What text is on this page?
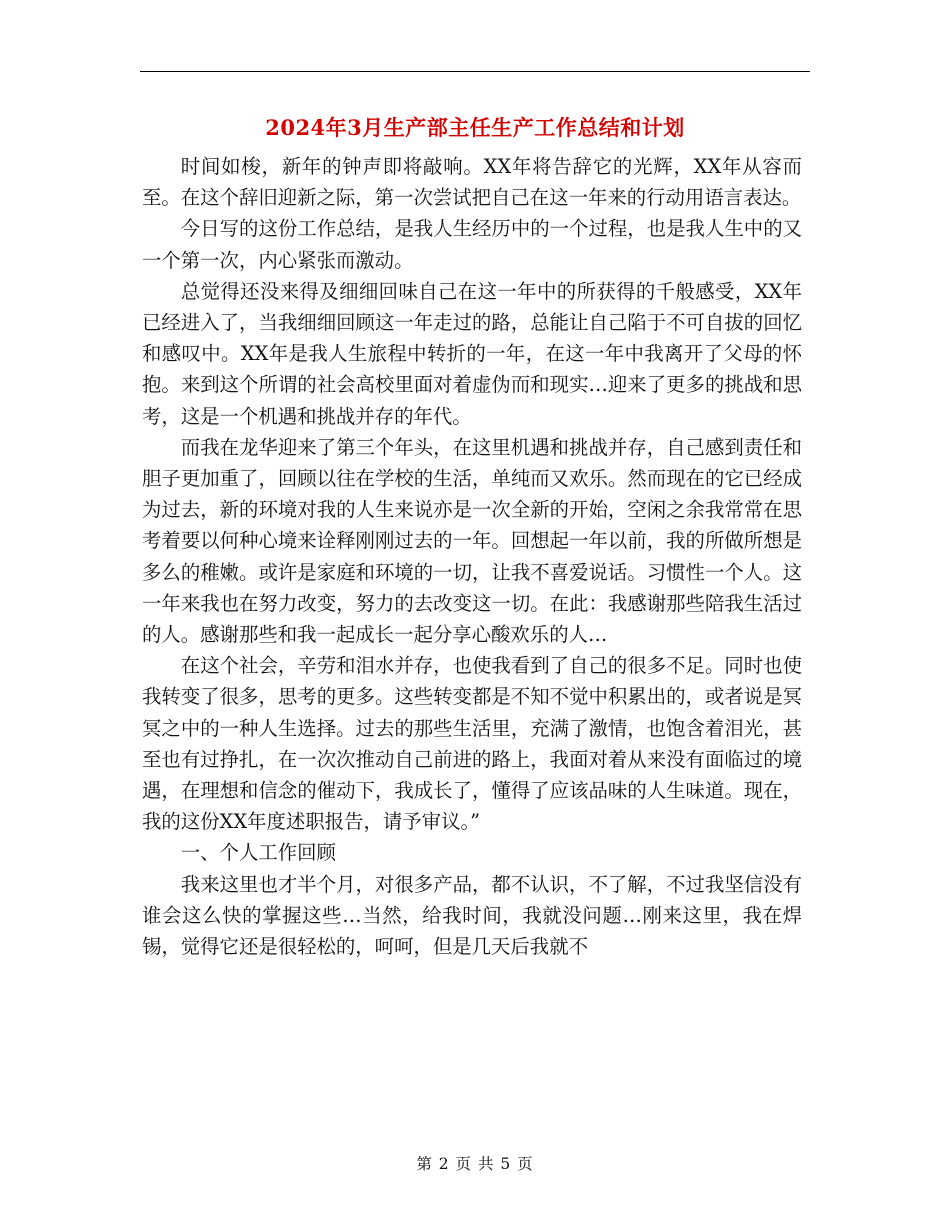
2024年3月生产部主任生产工作总结和计划

时间如梭，新年的钟声即将敲响。XX年将告辞它的光辉，XX年从容而至。在这个辞旧迎新之际，第一次尝试把自己在这一年来的行动用语言表达。

今日写的这份工作总结，是我人生经历中的一个过程，也是我人生中的又一个第一次，内心紧张而激动。

总觉得还没来得及细细回味自己在这一年中的所获得的千般感受，XX年已经进入了，当我细细回顾这一年走过的路，总能让自己陷于不可自拔的回忆和感叹中。XX年是我人生旅程中转折的一年，在这一年中我离开了父母的怀抱。来到这个所谓的社会高校里面对着虚伪而和现实…迎来了更多的挑战和思考，这是一个机遇和挑战并存的年代。

而我在龙华迎来了第三个年头，在这里机遇和挑战并存，自己感到责任和胆子更加重了，回顾以往在学校的生活，单纯而又欢乐。然而现在的它已经成为过去，新的环境对我的人生来说亦是一次全新的开始，空闲之余我常常在思考着要以何种心境来诠释刚刚过去的一年。回想起一年以前，我的所做所想是多么的稚嫩。或许是家庭和环境的一切，让我不喜爱说话。习惯性一个人。这一年来我也在努力改变，努力的去改变这一切。在此：我感谢那些陪我生活过的人。感谢那些和我一起成长一起分享心酸欢乐的人…

在这个社会，辛劳和泪水并存，也使我看到了自己的很多不足。同时也使我转变了很多，思考的更多。这些转变都是不知不觉中积累出的，或者说是冥冥之中的一种人生选择。过去的那些生活里，充满了激情，也饱含着泪光，甚至也有过挣扎，在一次次推动自己前进的路上，我面对着从来没有面临过的境遇，在理想和信念的催动下，我成长了，懂得了应该品味的人生味道。现在，我的这份XX年度述职报告，请予审议。”

一、个人工作回顾

我来这里也才半个月，对很多产品，都不认识，不了解，不过我坚信没有谁会这么快的掌握这些…当然，给我时间，我就没问题…刚来这里，我在焊锡，觉得它还是很轻松的，呵呵，但是几天后我就不

第 2 页 共 5 页
